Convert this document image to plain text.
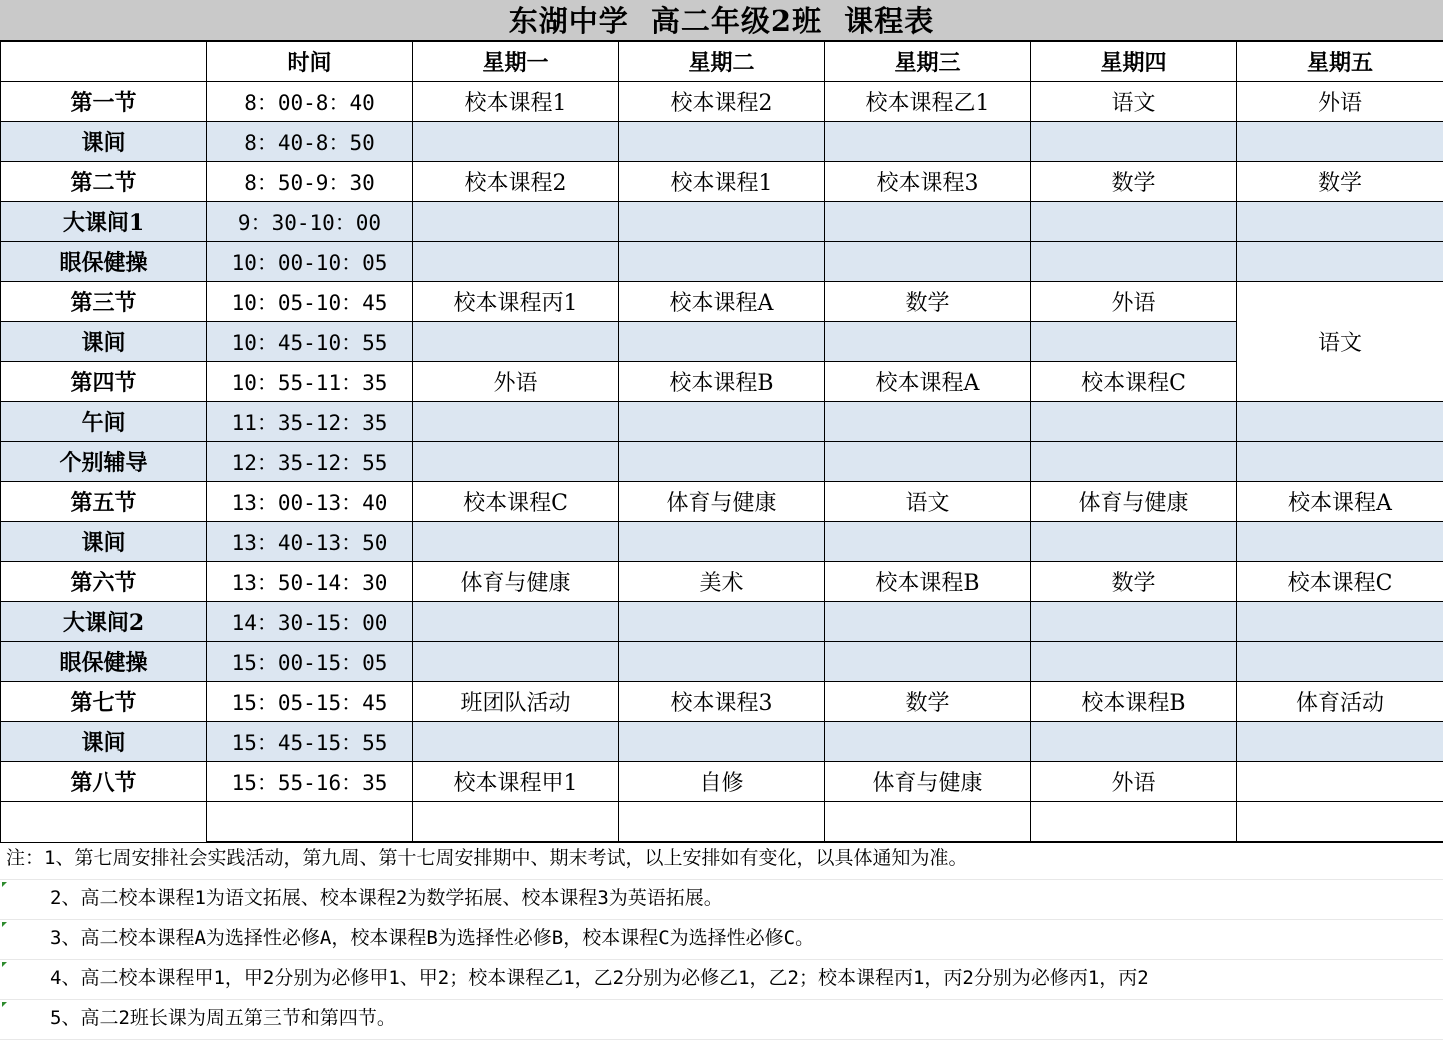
东湖中学  高二年级2班  课程表
	时间	星期一	星期二	星期三	星期四	星期五
第一节	8：00-8：40	校本课程1	校本课程2	校本课程乙1	语文	外语
课间	8：40-8：50					
第二节	8：50-9：30	校本课程2	校本课程1	校本课程3	数学	数学
大课间1	9：30-10：00					
眼保健操	10：00-10：05					
第三节	10：05-10：45	校本课程丙1	校本课程A	数学	外语	语文
课间	10：45-10：55					
第四节	10：55-11：35	外语	校本课程B	校本课程A	校本课程C	
午间	11：35-12：35					
个别辅导	12：35-12：55					
第五节	13：00-13：40	校本课程C	体育与健康	语文	体育与健康	校本课程A
课间	13：40-13：50					
第六节	13：50-14：30	体育与健康	美术	校本课程B	数学	校本课程C
大课间2	14：30-15：00					
眼保健操	15：00-15：05					
第七节	15：05-15：45	班团队活动	校本课程3	数学	校本课程B	体育活动
课间	15：45-15：55					
第八节	15：55-16：35	校本课程甲1	自修	体育与健康	外语	

注：1、第七周安排社会实践活动，第九周、第十七周安排期中、期末考试，以上安排如有变化，以具体通知为准。
2、高二校本课程1为语文拓展、校本课程2为数学拓展、校本课程3为英语拓展。
3、高二校本课程A为选择性必修A，校本课程B为选择性必修B，校本课程C为选择性必修C。
4、高二校本课程甲1，甲2分别为必修甲1、甲2；校本课程乙1，乙2分别为必修乙1，乙2；校本课程丙1，丙2分别为必修丙1，丙2
5、高二2班长课为周五第三节和第四节。
